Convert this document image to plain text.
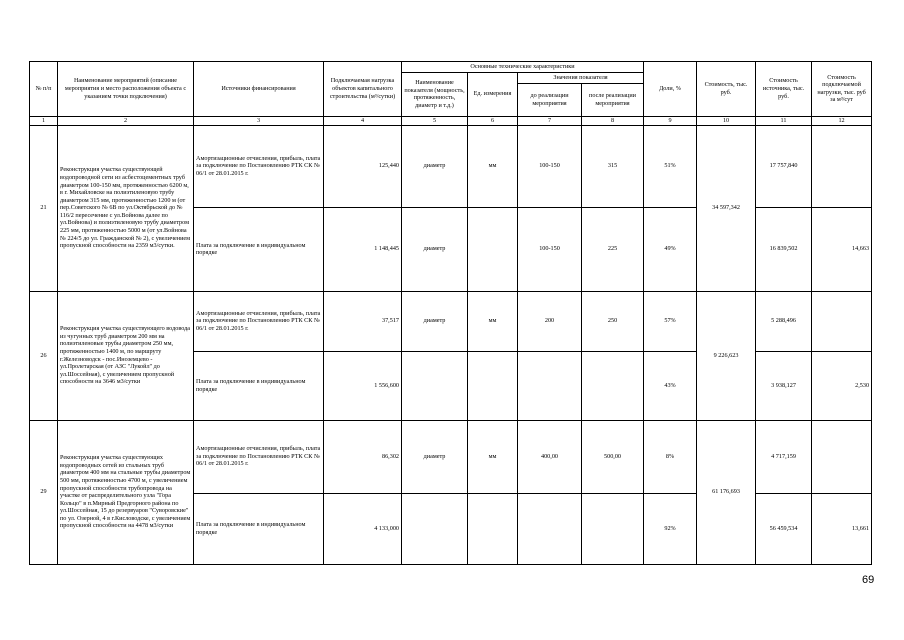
№ п/п	Наименование мероприятий (описание мероприятия и место расположения объекта с указанием точки подключения)	Источники финансирования	Подключаемая нагрузка объектов капитального строительства (м³/сутки)	Основные технические характеристики				Доли, %	Стоимость, тыс. руб.	Стоимость источника, тыс. руб.	Стоимость подключаемой нагрузки, тыс. руб за м³/сут
				Наименование показателя (мощность, протяженность, диаметр и т.д.)	Ед. измерения	Значения показателя					
						до реализации мероприятия	после реализации мероприятия				
1	2	3	4	5	6	7	8	9	10	11	12
21	Реконструкция участка существующей водопроводной сети из асбестоцементных труб диаметром 100-150 мм, протяженностью 6200 м, в г. Михайловске на полиэтиленовую трубу диаметром 315 мм, протяженностью 1200 м (от пер.Советского № 6В по ул.Октябрьской до № 116/2 пересечение с ул.Войнова далее по ул.Войнова) и полиэтиленовую трубу диаметром 225 мм, протяженностью 5000 м (от ул.Войнова № 224/5 до ул. Гражданской № 2), с увеличением пропускной способности на 2359 м3/сутки.	Амортизационные отчисления, прибыль, плата за подключение по Постановлению РТК СК № 06/1 от 28.01.2015 г.	125,440	диаметр	мм	100-150	315	51%	34 597,342	17 757,840	
		Плата за подключение в индивидуальном порядке	1 148,445	диаметр		100-150	225	49%		16 839,502	14,663
26	Реконструкция участка существующего водовода из чугунных труб диаметром 200 мм на полиэтиленовые трубы диаметром 250 мм, протяженностью 1400 м, по маршруту г.Железноводск - пос.Иноземцево - ул.Пролетарская (от АЗС "Лукойл" до ул.Шоссейная), с увеличением пропускной способности на 3646 м3/сутки	Амортизационные отчисления, прибыль, плата за подключение по Постановлению РТК СК № 06/1 от 28.01.2015 г.	37,517	диаметр	мм	200	250	57%	9 226,623	5 288,496	
		Плата за подключение в индивидуальном порядке	1 556,600					43%		3 938,127	2,530
29	Реконструкция участка существующих водопроводных сетей из стальных труб диаметром 400 мм на стальные трубы диаметром 500 мм, протяженностью 4700 м, с увеличением пропускной способности трубопровода на участке от распределительного узла "Гора Кольцо" в п.Мирный Предгорного района по ул.Шоссейная, 15 до резервуаров "Суворовские" по ул. Озерной, 4 в г.Кисловодске, с увеличением пропускной способности на 4478 м3/сутки	Амортизационные отчисления, прибыль, плата за подключение по Постановлению РТК СК № 06/1 от 28.01.2015 г.	86,302	диаметр	мм	400,00	500,00	8%	61 176,693	4 717,159	
		Плата за подключение в индивидуальном порядке	4 133,000					92%		56 459,534	13,661
69
